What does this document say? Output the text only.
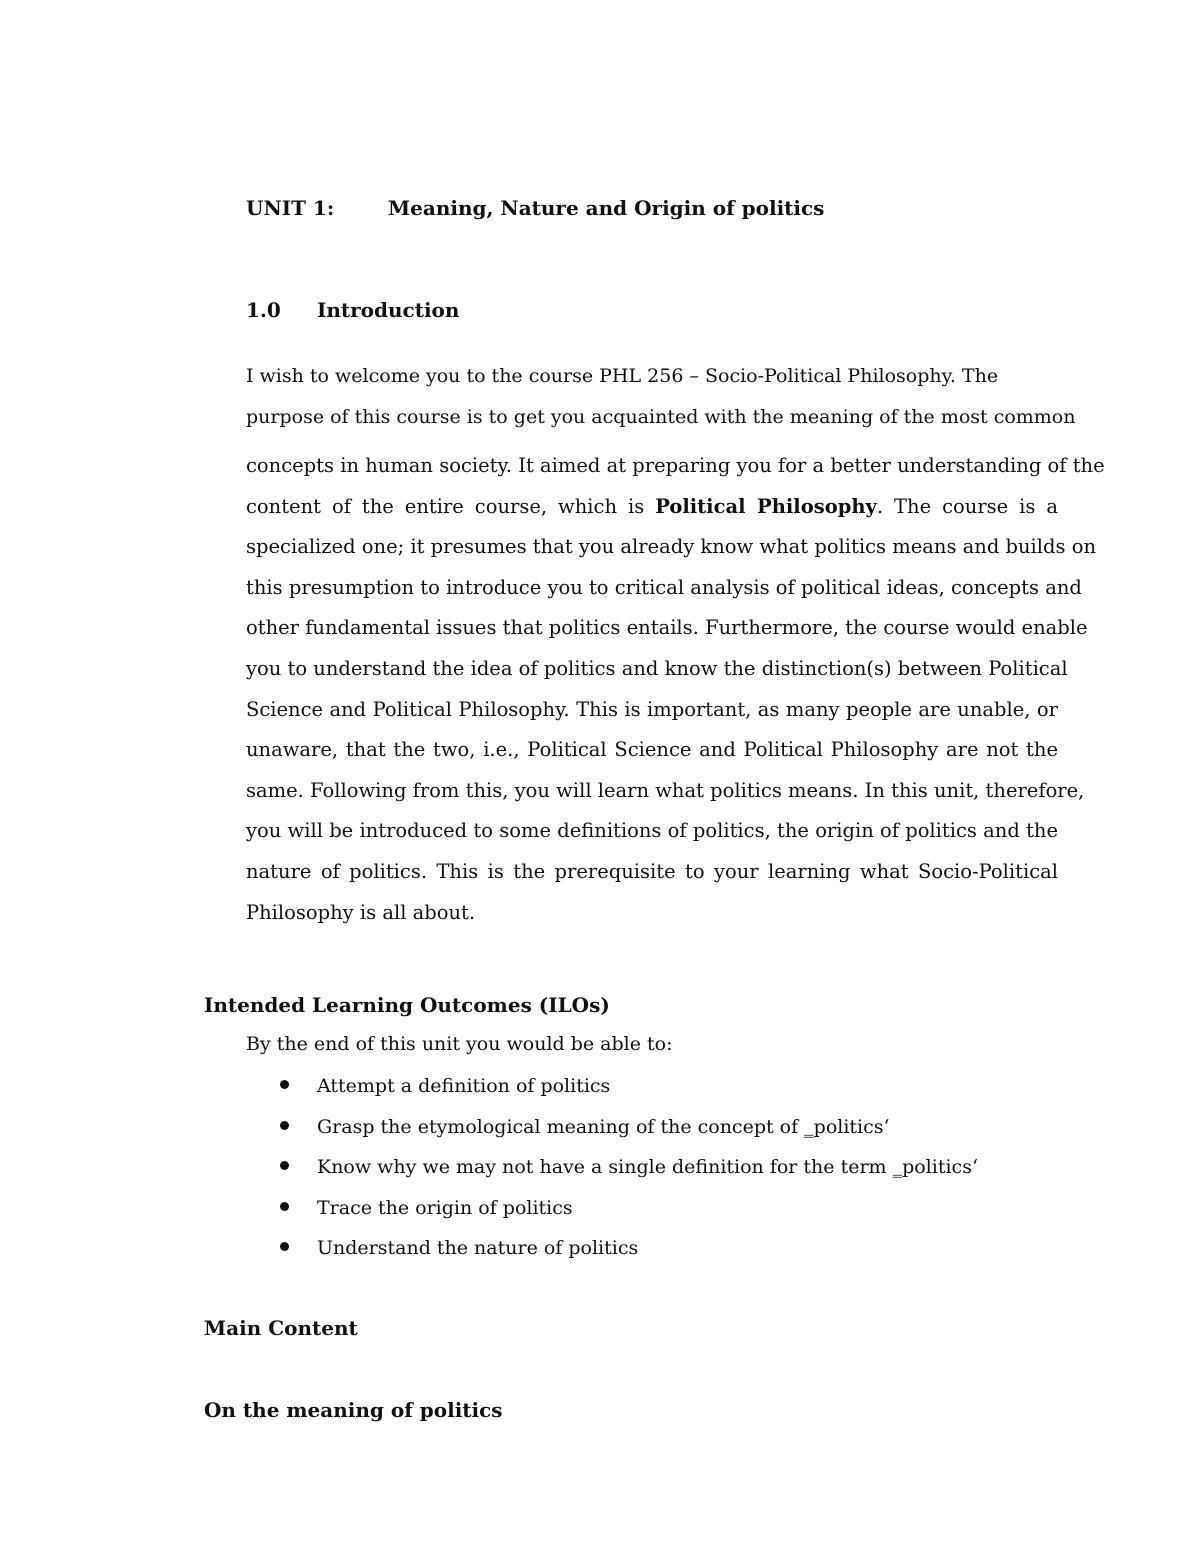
UNIT 1:	Meaning, Nature and Origin of politics
1.0 Introduction
I wish to welcome you to the course PHL 256 – Socio-Political Philosophy. The
purpose of this course is to get you acquainted with the meaning of the most common
concepts in human society. It aimed at preparing you for a better understanding of the
content of the entire course, which is Political Philosophy. The course is a
specialized one; it presumes that you already know what politics means and builds on
this presumption to introduce you to critical analysis of political ideas, concepts and
other fundamental issues that politics entails. Furthermore, the course would enable
you to understand the idea of politics and know the distinction(s) between Political
Science and Political Philosophy. This is important, as many people are unable, or
unaware, that the two, i.e., Political Science and Political Philosophy are not the
same. Following from this, you will learn what politics means. In this unit, therefore,
you will be introduced to some definitions of politics, the origin of politics and the
nature of politics. This is the prerequisite to your learning what Socio-Political
Philosophy is all about.
Intended Learning Outcomes (ILOs)
By the end of this unit you would be able to:
Attempt a definition of politics
Grasp the etymological meaning of the concept of ‗politics‘
Know why we may not have a single definition for the term ‗politics‘
Trace the origin of politics
Understand the nature of politics
Main Content
On the meaning of politics
